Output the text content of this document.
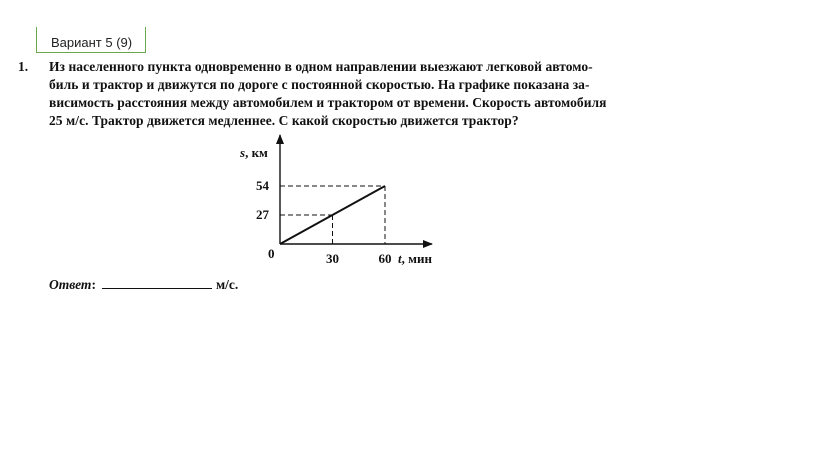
Вариант 5 (9)
1. Из населенного пункта одновременно в одном направлении выезжают легковой автомо-
биль и трактор и движутся по дороге с постоянной скоростью. На графике показана за-
висимость расстояния между автомобилем и трактором от времени. Скорость автомобиля
25 м/с. Трактор движется медленнее. С какой скоростью движется трактор?
s, км
54
27
0	30	60 t, мин
Ответ:	м/с.
